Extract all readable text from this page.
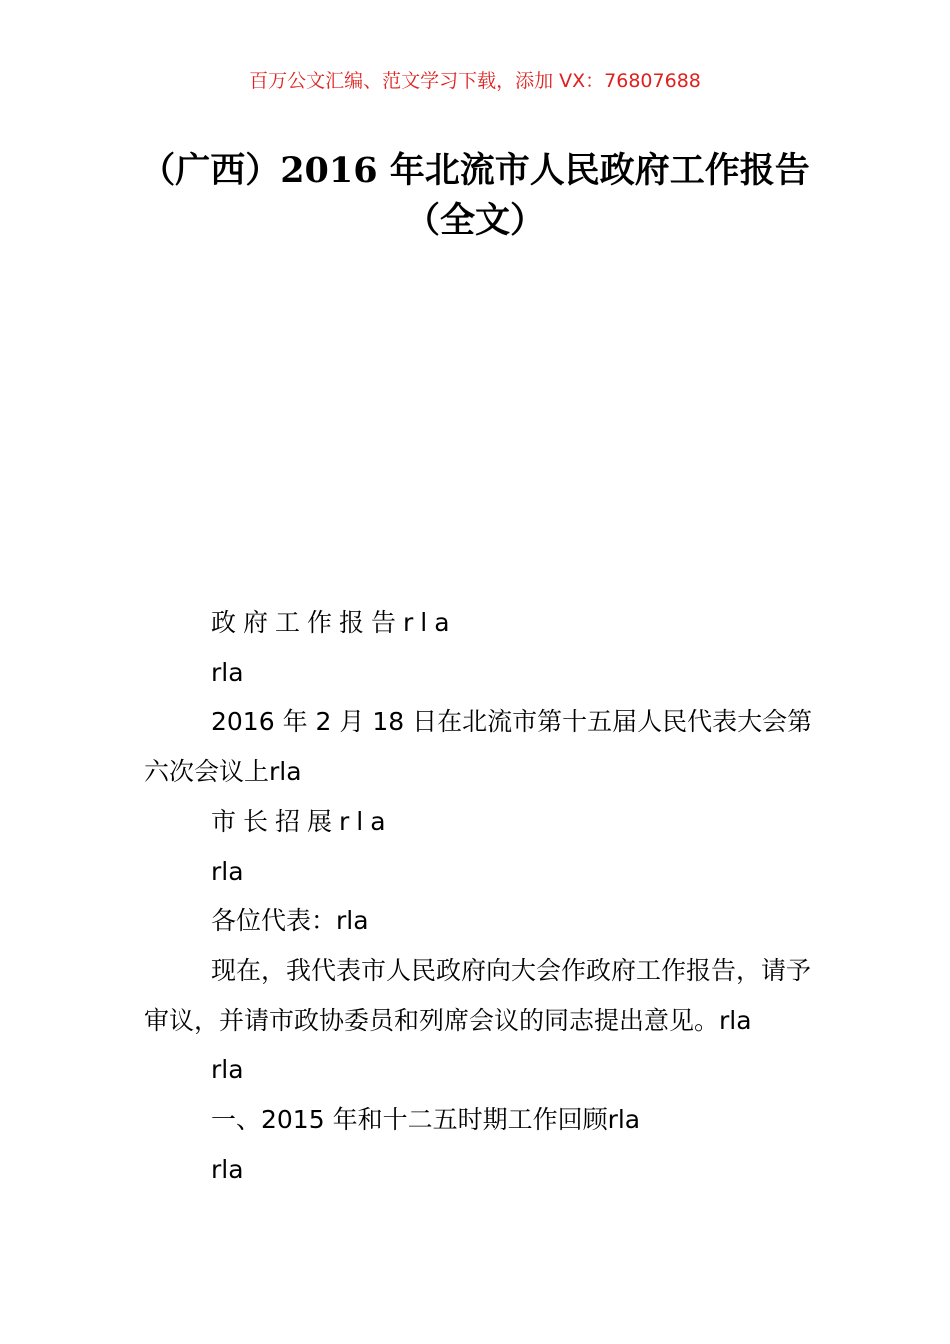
百万公文汇编、范文学习下载，添加 VX：76807688
（广西）2016 年北流市人民政府工作报告
（全文）

政府工作报告rla

rla

2016 年 2 月 18 日在北流市第十五届人民代表大会第六次会议上rla

市长招展rla

rla

各位代表：rla

现在，我代表市人民政府向大会作政府工作报告，请予审议，并请市政协委员和列席会议的同志提出意见。rla

rla

一、2015 年和十二五时期工作回顾rla

rla
